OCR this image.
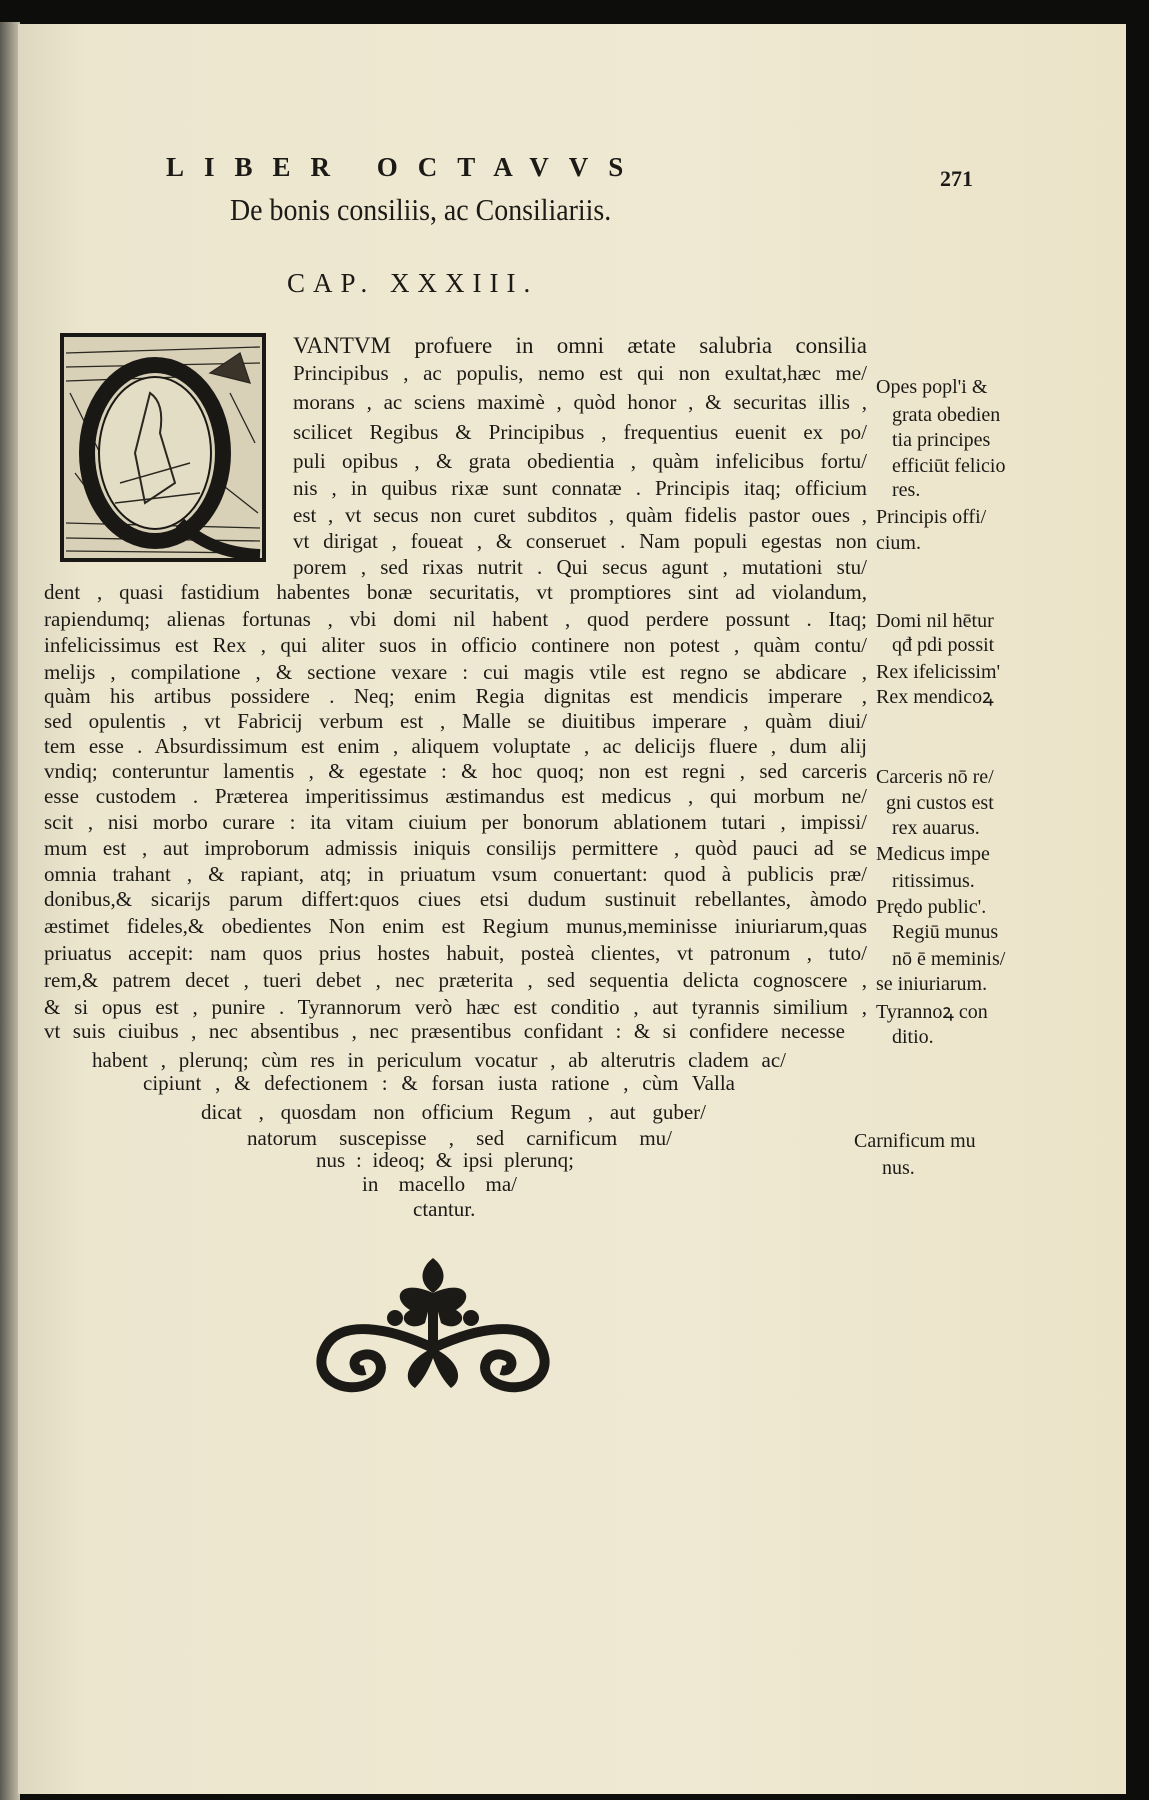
LIBER OCTAVVS	271
De bonis consiliis, ac Consiliariis.
CAP. XXXIII.
VANTVM profuere in omni ætate salubria consilia
Principibus , ac populis, nemo est qui non exultat,hæc me/
morans , ac sciens maximè , quòd honor , & securitas illis ,
scilicet Regibus & Principibus , frequentius euenit ex po/
puli opibus , & grata obedientia , quàm infelicibus fortu/
nis , in quibus rixæ sunt connatæ . Principis itaq; officium
est , vt secus non curet subditos , quàm fidelis pastor oues ,
vt dirigat , foueat , & conseruet . Nam populi egestas non
porem , sed rixas nutrit . Qui secus agunt , mutationi stu/
dent , quasi fastidium habentes bonæ securitatis, vt promptiores sint ad violandum,
rapiendumq; alienas fortunas , vbi domi nil habent , quod perdere possunt . Itaq;
infelicissimus est Rex , qui aliter suos in officio continere non potest , quàm contu/
melijs , compilatione , & sectione vexare : cui magis vtile est regno se abdicare ,
quàm his artibus possidere . Neq; enim Regia dignitas est mendicis imperare ,
sed opulentis , vt Fabricij verbum est , Malle se diuitibus imperare , quàm diui/
tem esse . Absurdissimum est enim , aliquem voluptate , ac delicijs fluere , dum alij
vndiq; conteruntur lamentis , & egestate : & hoc quoq; non est regni , sed carceris
esse custodem . Præterea imperitissimus æstimandus est medicus , qui morbum ne/
scit , nisi morbo curare : ita vitam ciuium per bonorum ablationem tutari , impissi/
mum est , aut improborum admissis iniquis consilijs permittere , quòd pauci ad se
omnia trahant , & rapiant, atq; in priuatum vsum conuertant: quod à publicis præ/
donibus,& sicarijs parum differt:quos ciues etsi dudum sustinuit rebellantes, àmodo
æstimet fideles,& obedientes Non enim est Regium munus,meminisse iniuriarum,quas
priuatus accepit: nam quos prius hostes habuit, posteà clientes, vt patronum , tuto/
rem,& patrem decet , tueri debet , nec præterita , sed sequentia delicta cognoscere ,
& si opus est , punire . Tyrannorum verò hæc est conditio , aut tyrannis similium ,
vt suis ciuibus , nec absentibus , nec præsentibus confidant : & si confidere necesse
habent , plerunq; cùm res in periculum vocatur , ab alterutris cladem ac/
cipiunt , & defectionem : & forsan iusta ratione , cùm Valla
dicat , quosdam non officium Regum , aut guber/
natorum suscepisse , sed carnificum mu/
nus : ideoq; & ipsi plerunq;
in macello ma/
ctantur.
Opes popl'i &
grata obedien
tia principes
efficiūt felicio
res.
Principis offi/
cium.
Domi nil hētur
qđ pdi possit
Rex ifelicissim'
Rex mendicoꝝ
Carceris nō re/
gni custos est
rex auarus.
Medicus impe
ritissimus.
Prędo public'.
Regiū munus
nō ē meminis/
se iniuriarum.
Tyrannoꝝ con
ditio.
Carnificum mu
nus.
